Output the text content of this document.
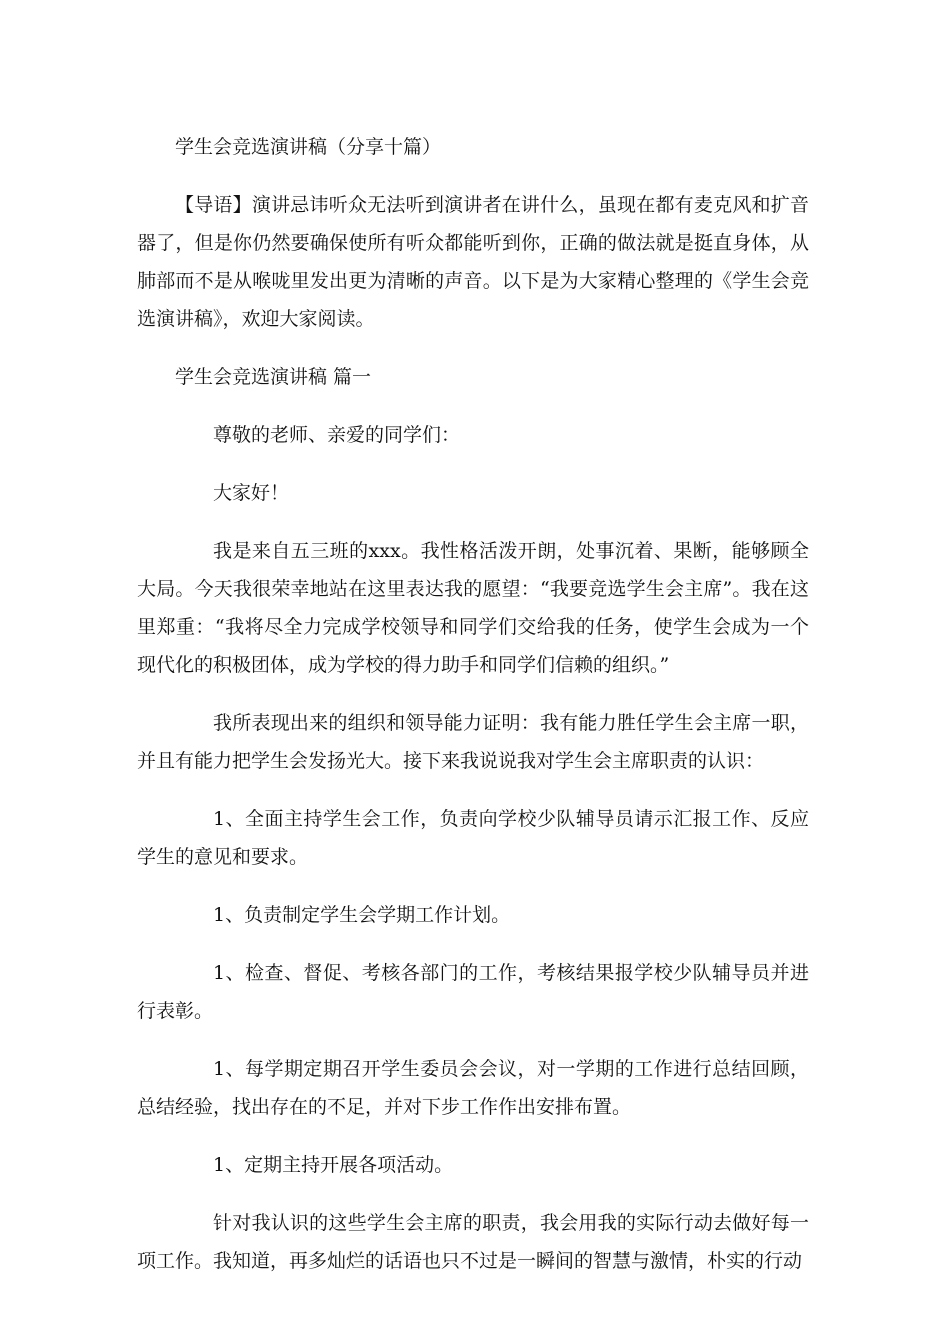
学生会竞选演讲稿（分享十篇）

【导语】演讲忌讳听众无法听到演讲者在讲什么，虽现在都有麦克风和扩音器了，但是你仍然要确保使所有听众都能听到你，正确的做法就是挺直身体，从肺部而不是从喉咙里发出更为清晰的声音。以下是为大家精心整理的《学生会竞选演讲稿》，欢迎大家阅读。

学生会竞选演讲稿 篇一

尊敬的老师、亲爱的同学们：

大家好！

我是来自五三班的xxx。我性格活泼开朗，处事沉着、果断，能够顾全大局。今天我很荣幸地站在这里表达我的愿望：“我要竞选学生会主席”。我在这里郑重：“我将尽全力完成学校领导和同学们交给我的任务，使学生会成为一个现代化的积极团体，成为学校的得力助手和同学们信赖的组织。”

我所表现出来的组织和领导能力证明：我有能力胜任学生会主席一职，并且有能力把学生会发扬光大。接下来我说说我对学生会主席职责的认识：

1、全面主持学生会工作，负责向学校少队辅导员请示汇报工作、反应学生的意见和要求。

1、负责制定学生会学期工作计划。

1、检查、督促、考核各部门的工作，考核结果报学校少队辅导员并进行表彰。

1、每学期定期召开学生委员会会议，对一学期的工作进行总结回顾，总结经验，找出存在的不足，并对下步工作作出安排布置。

1、定期主持开展各项活动。

针对我认识的这些学生会主席的职责，我会用我的实际行动去做好每一项工作。我知道，再多灿烂的话语也只不过是一瞬间的智慧与激情，朴实的行动
